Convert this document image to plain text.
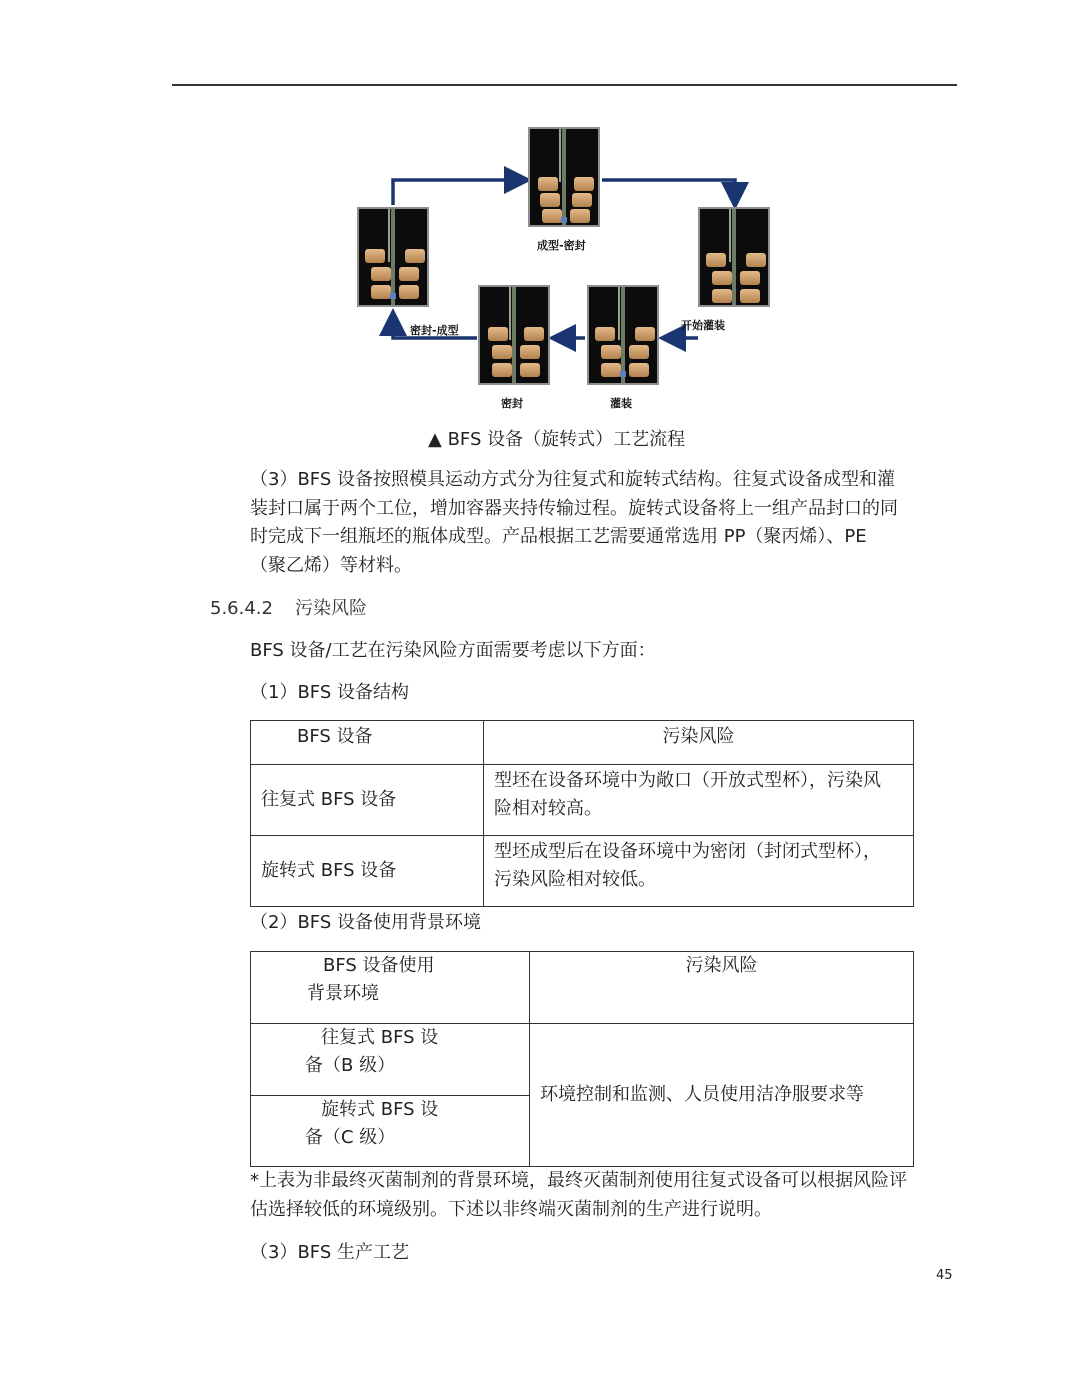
成型-密封
开始灌装
灌装
密封
密封-成型
▲ BFS 设备（旋转式）工艺流程

（3）BFS 设备按照模具运动方式分为往复式和旋转式结构。往复式设备成型和灌

装封口属于两个工位，增加容器夹持传输过程。旋转式设备将上一组产品封口的同

时完成下一组瓶坯的瓶体成型。产品根据工艺需要通常选用 PP（聚丙烯）、PE

（聚乙烯）等材料。

5.6.4.2 污染风险
BFS 设备/工艺在污染风险方面需要考虑以下方面：
（1）BFS 设备结构
BFS 设备	污染风险
往复式 BFS 设备	型坯在设备环境中为敞口（开放式型杯），污染风
险相对较高。

旋转式 BFS 设备	型坯成型后在设备环境中为密闭（封闭式型杯），
污染风险相对较低。
（2）BFS 设备使用背景环境
BFS 设备使用
背景环境	污染风险

往复式 BFS 设
备（B 级）	环境控制和监测、人员使用洁净服要求等

旋转式 BFS 设
备（C 级）	
*上表为非最终灭菌制剂的背景环境，最终灭菌制剂使用往复式设备可以根据风险评
估选择较低的环境级别。下述以非终端灭菌制剂的生产进行说明。
（3）BFS 生产工艺
45
